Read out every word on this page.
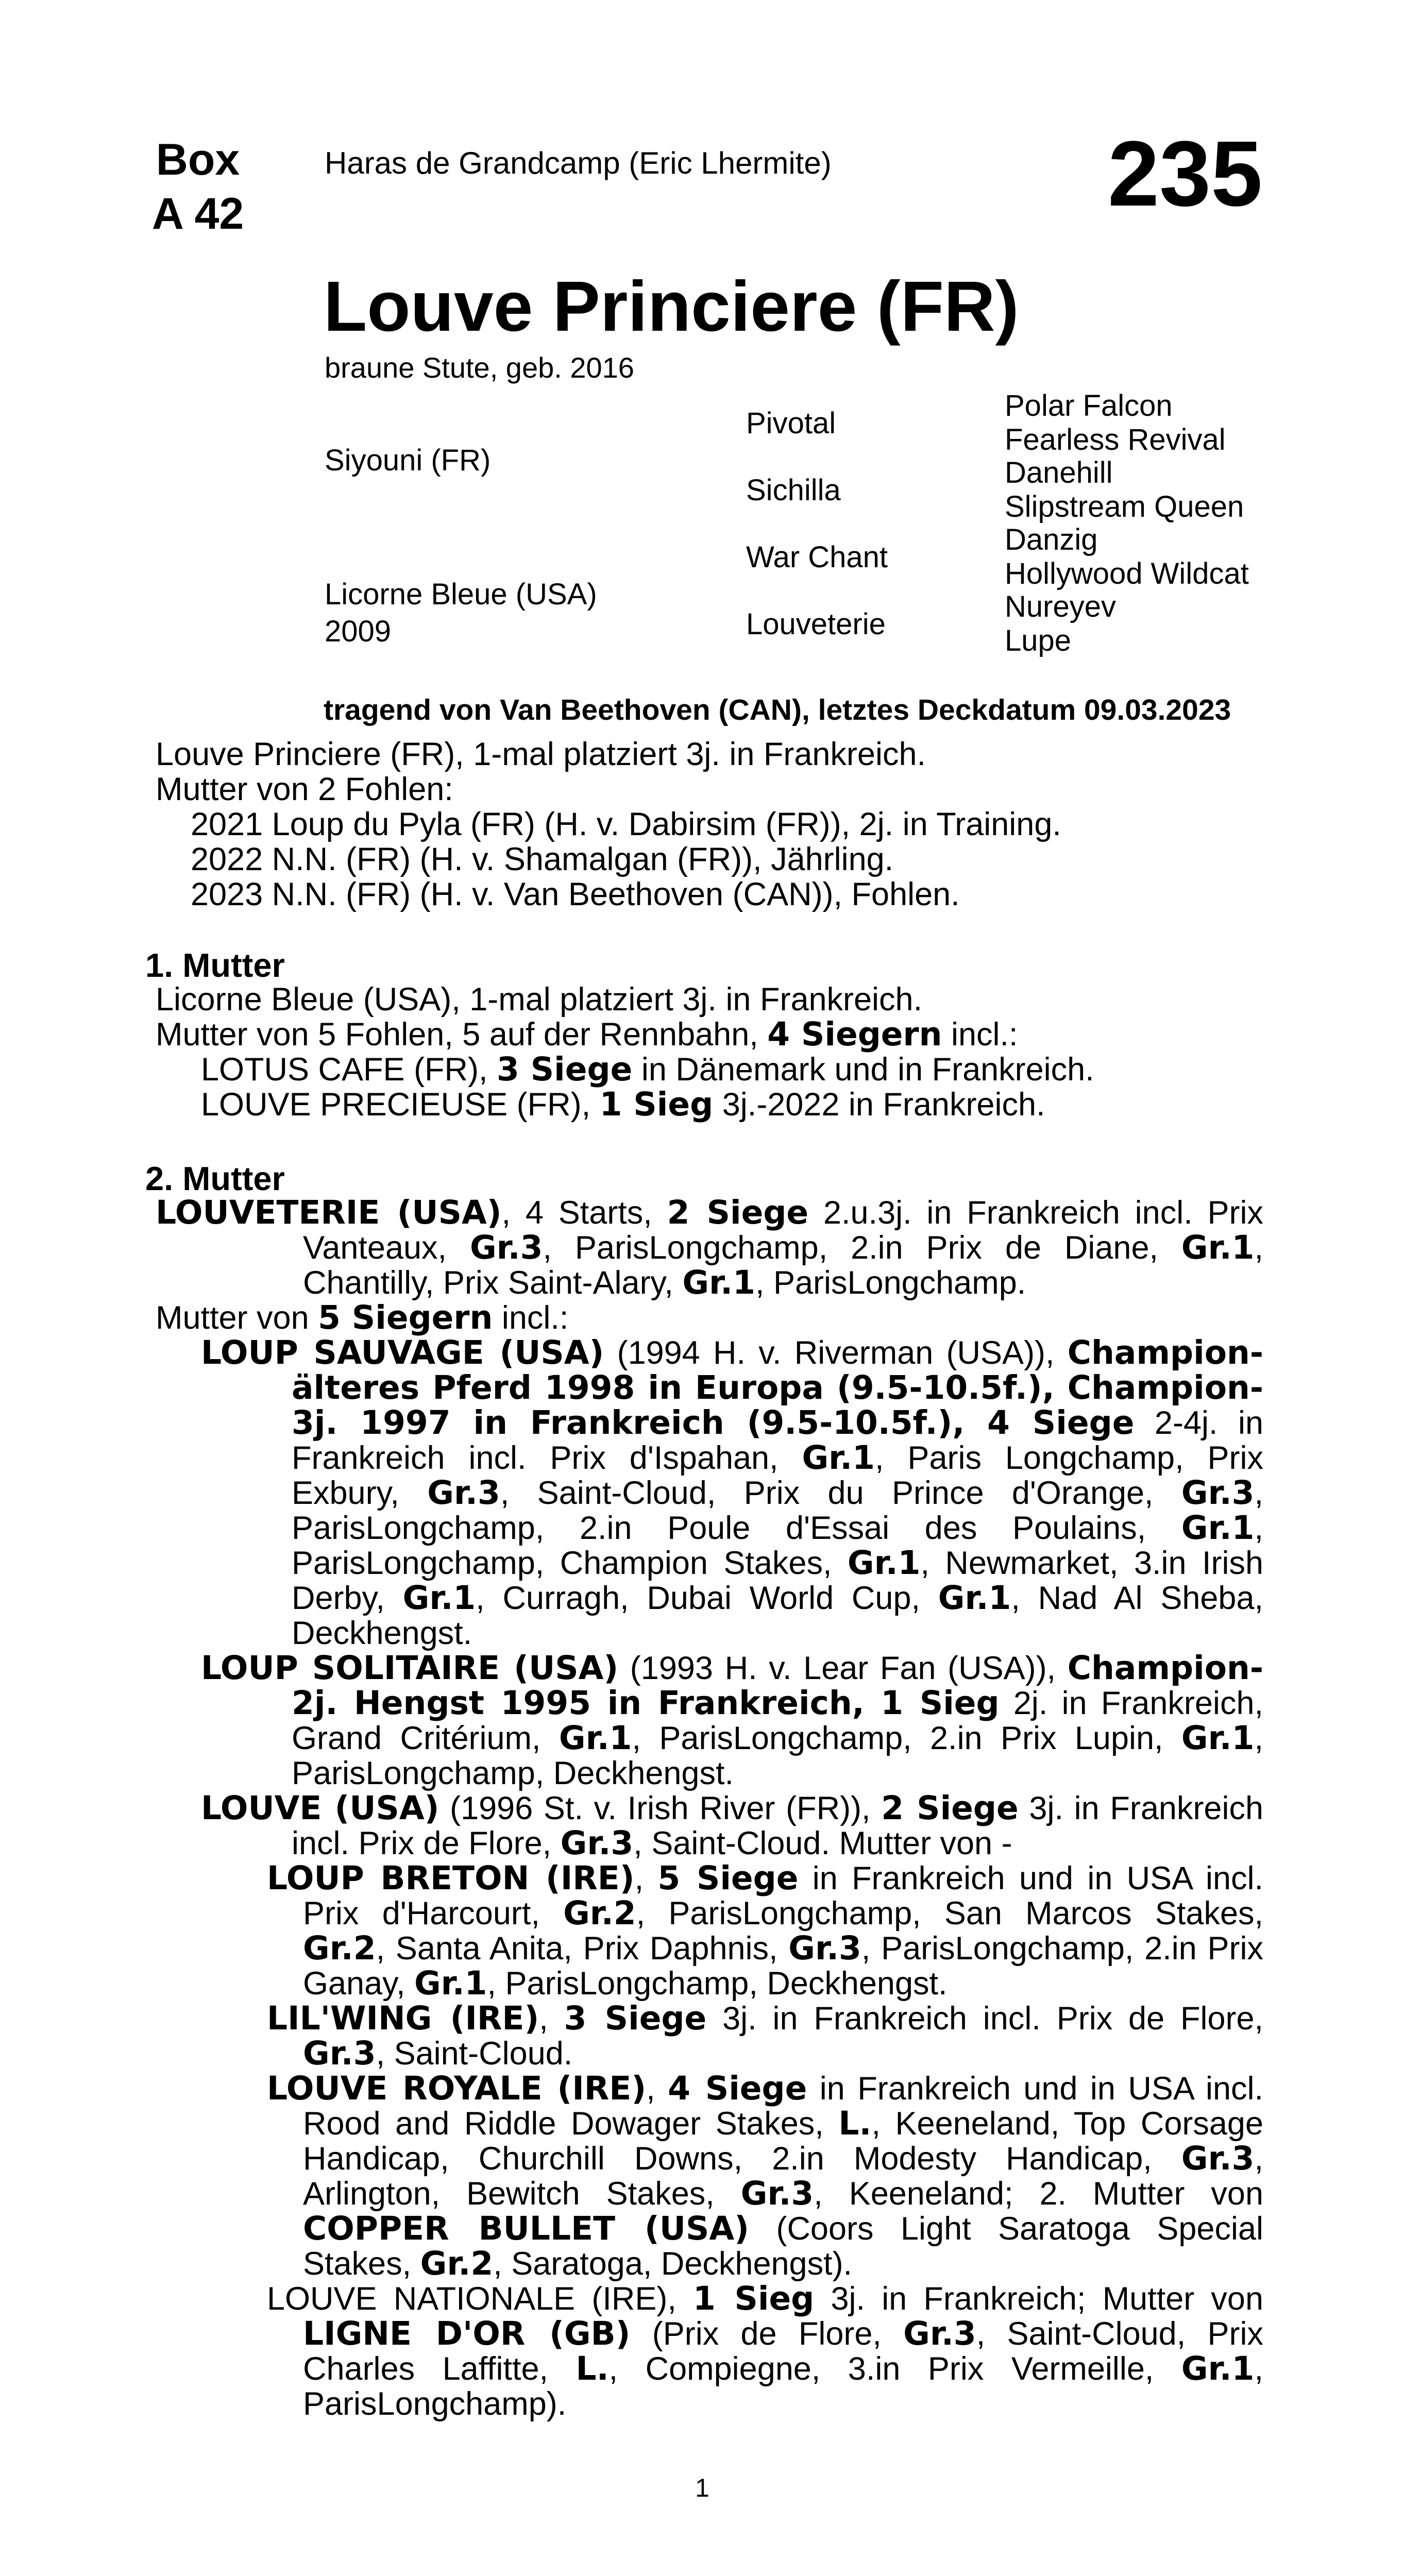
Box
A 42
Haras de Grandcamp (Eric Lhermite)	235
Louve Princiere (FR)
braune Stute, geb. 2016
Siyouni (FR)
Licorne Bleue (USA)
2009
Pivotal
Sichilla
War Chant
Louveterie
Polar Falcon
Fearless Revival
Danehill
Slipstream Queen
Danzig
Hollywood Wildcat
Nureyev
Lupe
tragend von Van Beethoven (CAN), letztes Deckdatum 09.03.2023
Louve Princiere (FR), 1-mal platziert 3j. in Frankreich.
Mutter von 2 Fohlen:
2021 Loup du Pyla (FR) (H. v. Dabirsim (FR)), 2j. in Training.
2022 N.N. (FR) (H. v. Shamalgan (FR)), Jährling.
2023 N.N. (FR) (H. v. Van Beethoven (CAN)), Fohlen.
1. Mutter
Licorne Bleue (USA), 1-mal platziert 3j. in Frankreich.
Mutter von 5 Fohlen, 5 auf der Rennbahn, 4 Siegern incl.:
LOTUS CAFE (FR), 3 Siege in Dänemark und in Frankreich.
LOUVE PRECIEUSE (FR), 1 Sieg 3j.-2022 in Frankreich.
2. Mutter
LOUVETERIE (USA), 4 Starts, 2 Siege 2.u.3j. in Frankreich incl. Prix Vanteaux, Gr.3, ParisLongchamp, 2.in Prix de Diane, Gr.1, Chantilly, Prix Saint-Alary, Gr.1, ParisLongchamp.
Mutter von 5 Siegern incl.:
LOUP SAUVAGE (USA) (1994 H. v. Riverman (USA)), Champion-älteres Pferd 1998 in Europa (9.5-10.5f.), Champion-3j. 1997 in Frankreich (9.5-10.5f.), 4 Siege 2-4j. in Frankreich incl. Prix d'Ispahan, Gr.1, Paris Longchamp, Prix Exbury, Gr.3, Saint-Cloud, Prix du Prince d'Orange, Gr.3, ParisLongchamp, 2.in Poule d'Essai des Poulains, Gr.1, ParisLongchamp, Champion Stakes, Gr.1, Newmarket, 3.in Irish Derby, Gr.1, Curragh, Dubai World Cup, Gr.1, Nad Al Sheba, Deckhengst.
LOUP SOLITAIRE (USA) (1993 H. v. Lear Fan (USA)), Champion-2j. Hengst 1995 in Frankreich, 1 Sieg 2j. in Frankreich, Grand Critérium, Gr.1, ParisLongchamp, 2.in Prix Lupin, Gr.1, ParisLongchamp, Deckhengst.
LOUVE (USA) (1996 St. v. Irish River (FR)), 2 Siege 3j. in Frankreich incl. Prix de Flore, Gr.3, Saint-Cloud. Mutter von -
LOUP BRETON (IRE), 5 Siege in Frankreich und in USA incl. Prix d'Harcourt, Gr.2, ParisLongchamp, San Marcos Stakes, Gr.2, Santa Anita, Prix Daphnis, Gr.3, ParisLongchamp, 2.in Prix Ganay, Gr.1, ParisLongchamp, Deckhengst.
LIL'WING (IRE), 3 Siege 3j. in Frankreich incl. Prix de Flore, Gr.3, Saint-Cloud.
LOUVE ROYALE (IRE), 4 Siege in Frankreich und in USA incl. Rood and Riddle Dowager Stakes, L., Keeneland, Top Corsage Handicap, Churchill Downs, 2.in Modesty Handicap, Gr.3, Arlington, Bewitch Stakes, Gr.3, Keeneland; 2. Mutter von COPPER BULLET (USA) (Coors Light Saratoga Special Stakes, Gr.2, Saratoga, Deckhengst).
LOUVE NATIONALE (IRE), 1 Sieg 3j. in Frankreich; Mutter von LIGNE D'OR (GB) (Prix de Flore, Gr.3, Saint-Cloud, Prix Charles Laffitte, L., Compiegne, 3.in Prix Vermeille, Gr.1, ParisLongchamp).
1
